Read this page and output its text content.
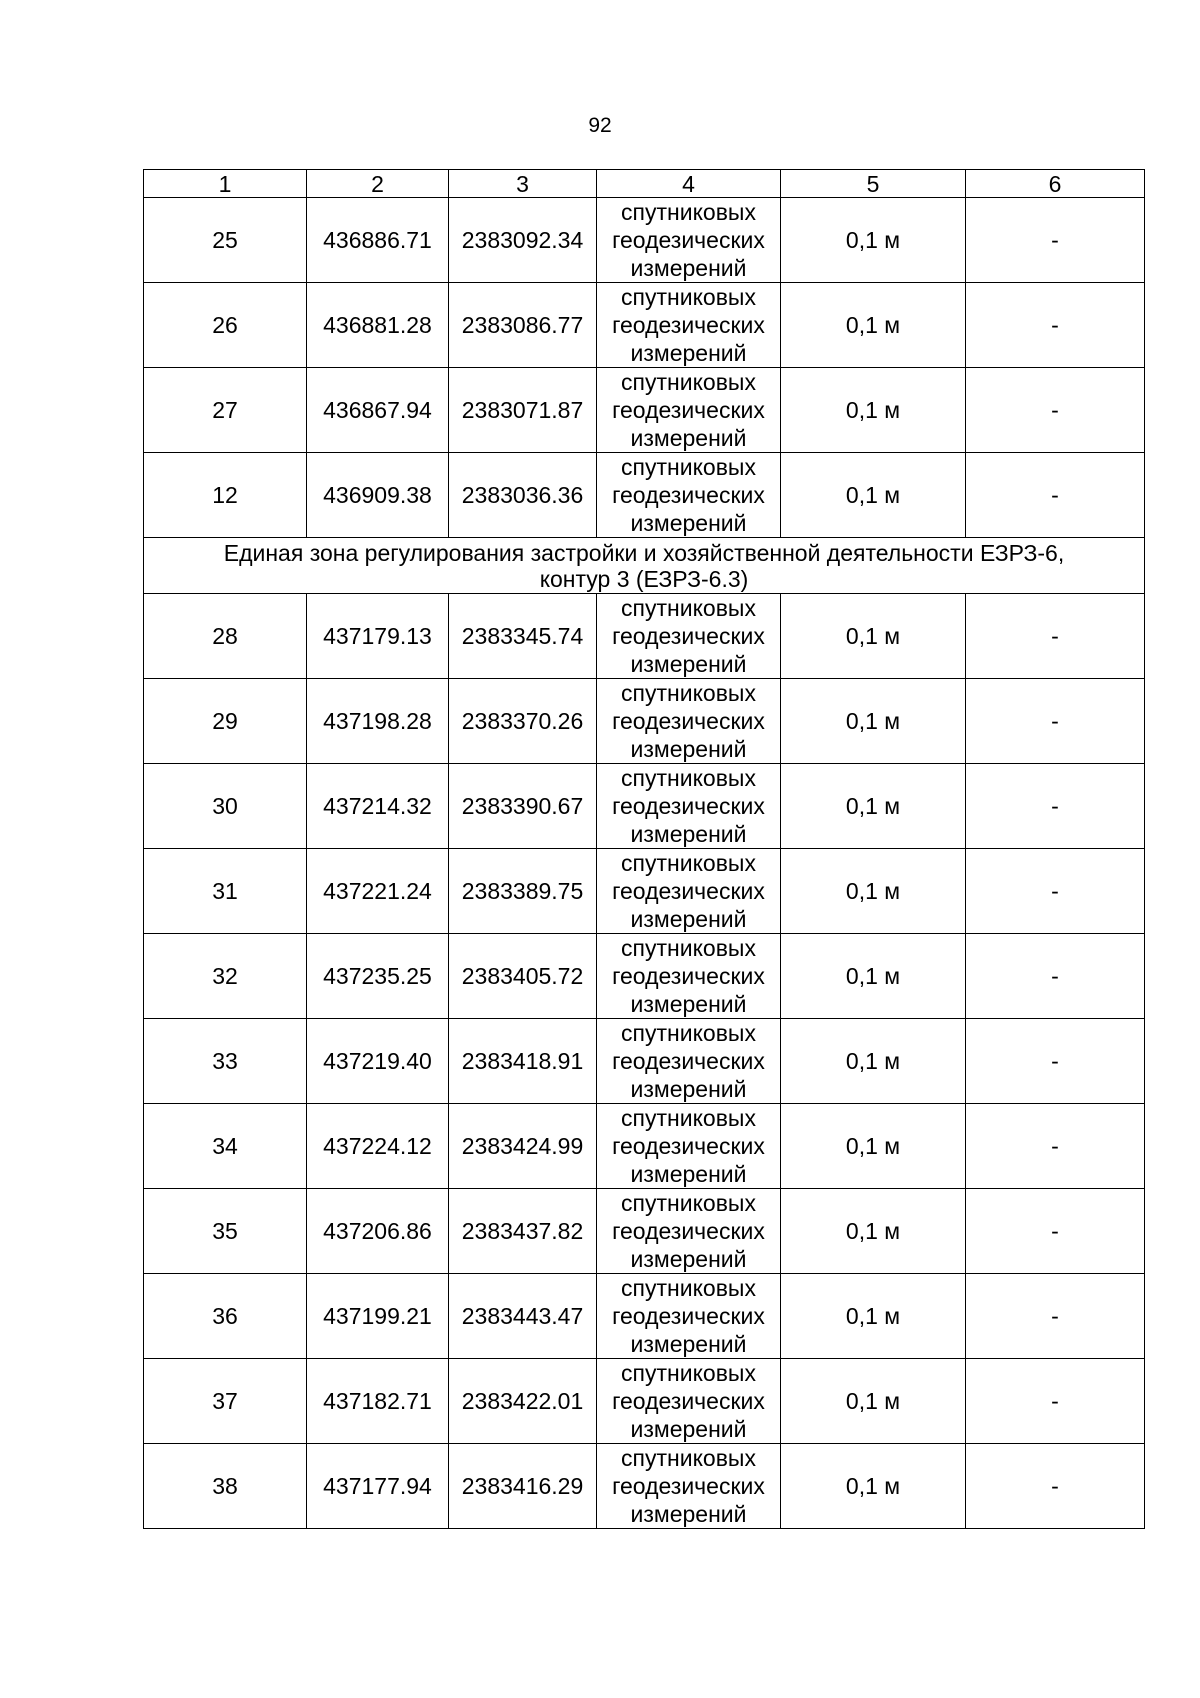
92
1	2	3	4	5	6
25	436886.71	2383092.34	спутниковых
геодезических
измерений	0,1 м	-
26	436881.28	2383086.77	спутниковых
геодезических
измерений	0,1 м	-
27	436867.94	2383071.87	спутниковых
геодезических
измерений	0,1 м	-
12	436909.38	2383036.36	спутниковых
геодезических
измерений	0,1 м	-

Единая зона регулирования застройки и хозяйственной деятельности ЕЗРЗ-6,
контур 3 (ЕЗРЗ-6.3)					

28	437179.13	2383345.74	спутниковых
геодезических
измерений	0,1 м	-
29	437198.28	2383370.26	спутниковых
геодезических
измерений	0,1 м	-
30	437214.32	2383390.67	спутниковых
геодезических
измерений	0,1 м	-
31	437221.24	2383389.75	спутниковых
геодезических
измерений	0,1 м	-
32	437235.25	2383405.72	спутниковых
геодезических
измерений	0,1 м	-
33	437219.40	2383418.91	спутниковых
геодезических
измерений	0,1 м	-
34	437224.12	2383424.99	спутниковых
геодезических
измерений	0,1 м	-
35	437206.86	2383437.82	спутниковых
геодезических
измерений	0,1 м	-
36	437199.21	2383443.47	спутниковых
геодезических
измерений	0,1 м	-
37	437182.71	2383422.01	спутниковых
геодезических
измерений	0,1 м	-
38	437177.94	2383416.29	спутниковых
геодезических
измерений	0,1 м	-
